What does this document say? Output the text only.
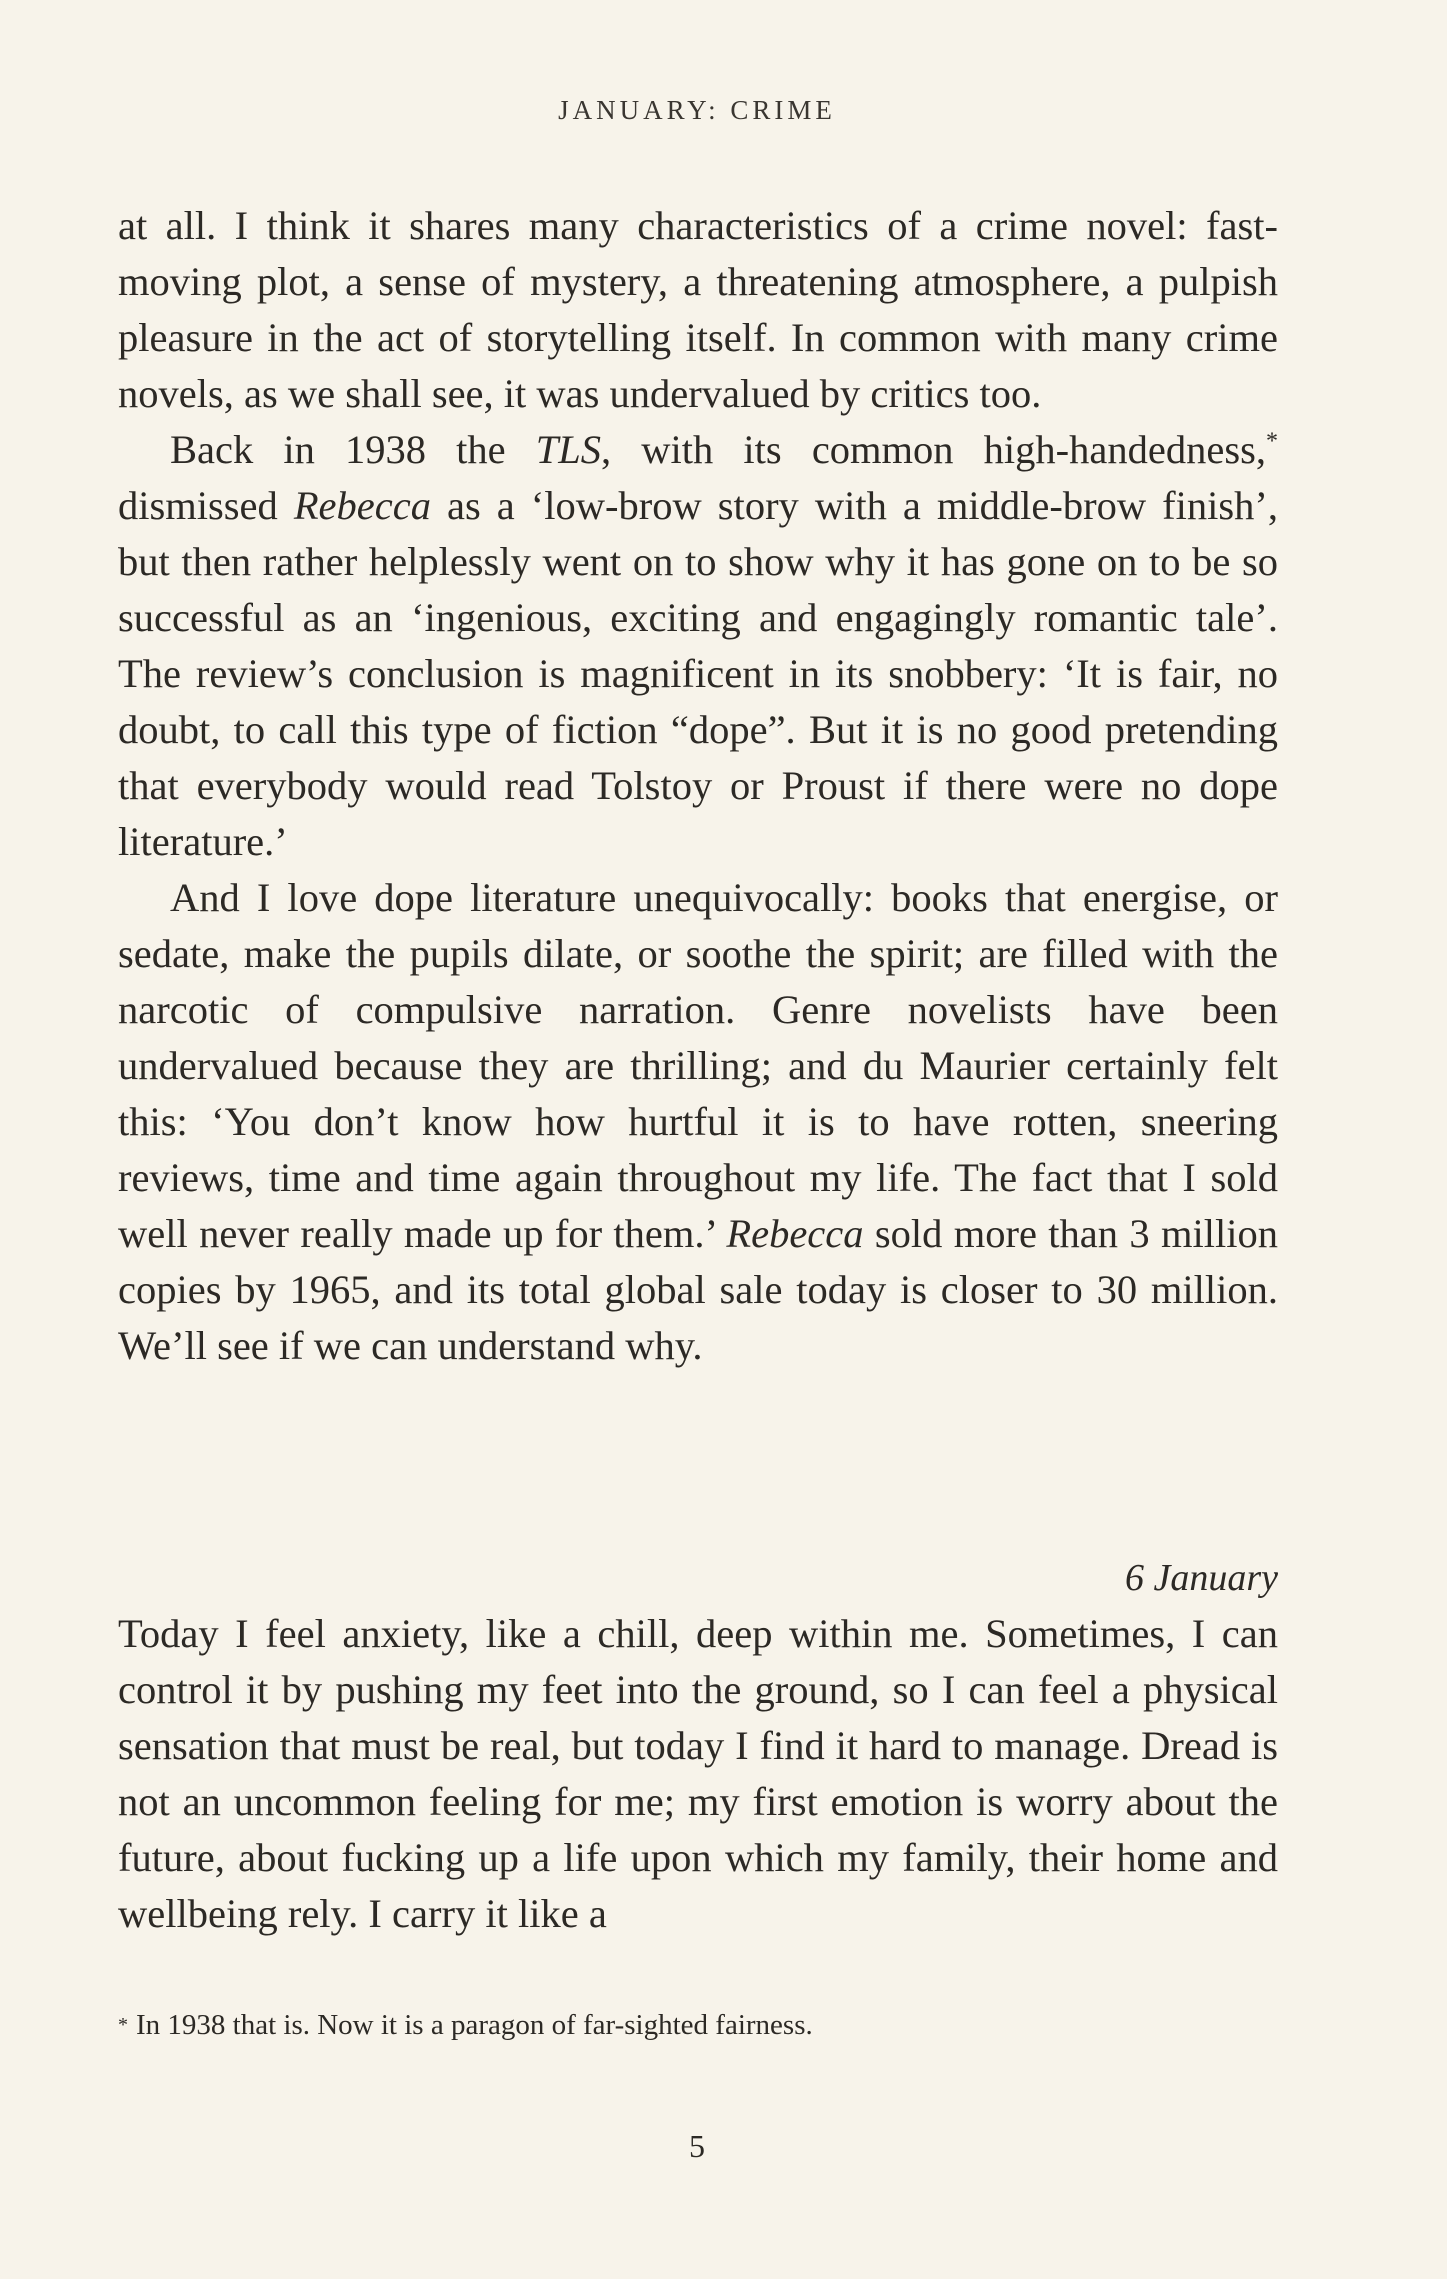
JANUARY: CRIME

at all. I think it shares many characteristics of a crime novel: fast-moving plot, a sense of mystery, a threatening atmosphere, a pulpish pleasure in the act of storytelling itself. In common with many crime novels, as we shall see, it was undervalued by critics too.

Back in 1938 the TLS, with its common high-handedness,* dismissed Rebecca as a ‘low-brow story with a middle-brow finish’, but then rather helplessly went on to show why it has gone on to be so successful as an ‘ingenious, exciting and engagingly romantic tale’. The review’s conclusion is magnificent in its snobbery: ‘It is fair, no doubt, to call this type of fiction “dope”. But it is no good pretending that everybody would read Tolstoy or Proust if there were no dope literature.’

And I love dope literature unequivocally: books that energise, or sedate, make the pupils dilate, or soothe the spirit; are filled with the narcotic of compulsive narration. Genre novelists have been undervalued because they are thrilling; and du Maurier certainly felt this: ‘You don’t know how hurtful it is to have rotten, sneering reviews, time and time again throughout my life. The fact that I sold well never really made up for them.’ Rebecca sold more than 3 million copies by 1965, and its total global sale today is closer to 30 million. We’ll see if we can understand why.

6 January

Today I feel anxiety, like a chill, deep within me. Sometimes, I can control it by pushing my feet into the ground, so I can feel a physical sensation that must be real, but today I find it hard to manage. Dread is not an uncommon feeling for me; my first emotion is worry about the future, about fucking up a life upon which my family, their home and wellbeing rely. I carry it like a

* In 1938 that is. Now it is a paragon of far-sighted fairness.
5
